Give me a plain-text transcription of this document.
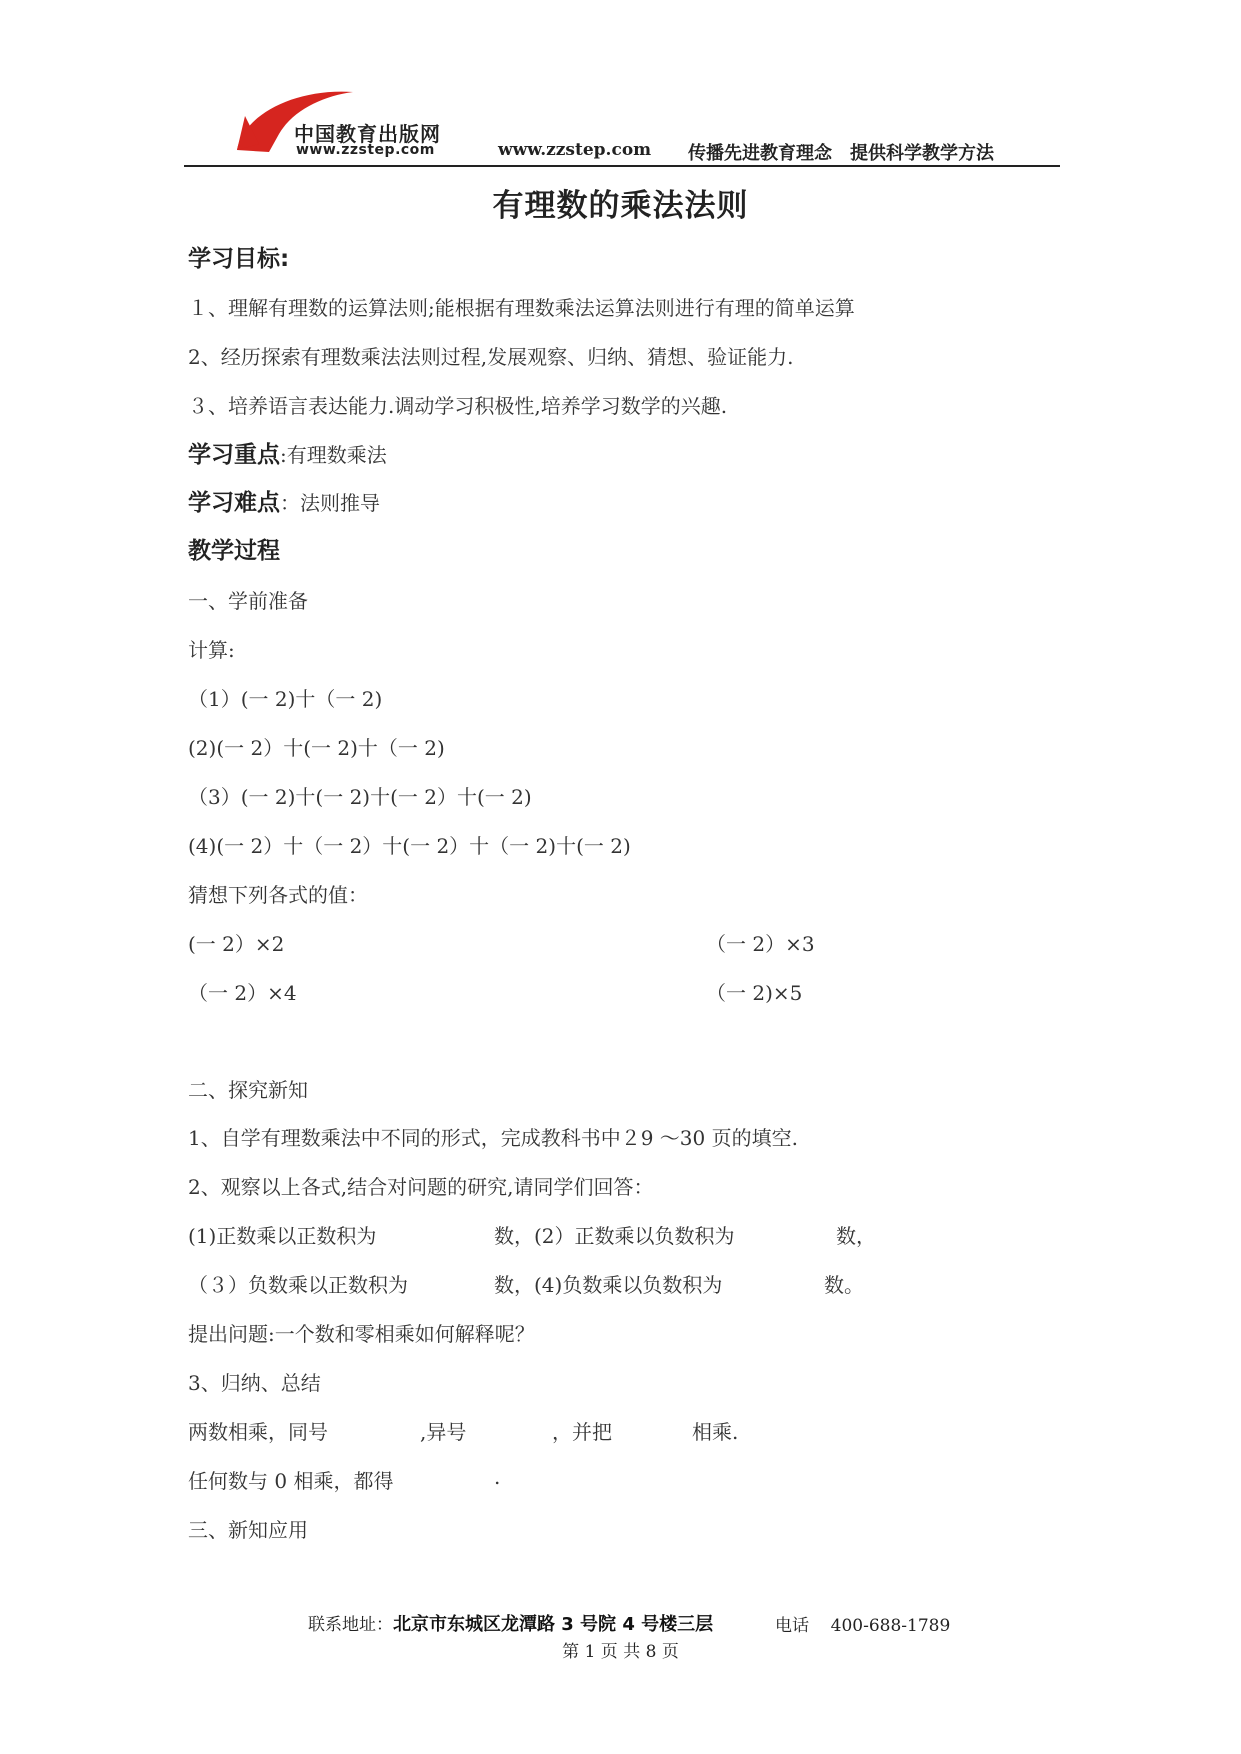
中国教育出版网
www.zzstep.com	www.zzstep.com 传播先进教育理念　提供科学教学方法
有理数的乘法法则
学习目标:
１、理解有理数的运算法则;能根据有理数乘法运算法则进行有理的简单运算
2、经历探索有理数乘法法则过程,发展观察、归纳、猜想、验证能力.
３、培养语言表达能力.调动学习积极性,培养学习数学的兴趣.
学习重点:有理数乘法
学习难点：法则推导
教学过程
一、学前准备
计算:
（1）(一 2)十（一 2)
(2)(一 2）十(一 2)十（一 2)
（3）(一 2)十(一 2)十(一 2）十(一 2)
(4)(一 2）十（一 2）十(一 2）十（一 2)十(一 2)
猜想下列各式的值：
(一 2）×2	（一 2）×3
（一 2）×4	（一 2)×5
二、探究新知
1、自学有理数乘法中不同的形式，完成教科书中２9 ～30 页的填空.
2、观察以上各式,结合对问题的研究,请同学们回答：
(1)正数乘以正数积为	数，(2）正数乘以负数积为	数，
（３）负数乘以正数积为	数，(4)负数乘以负数积为	数。
提出问题:一个数和零相乘如何解释呢？
3、归纳、总结
两数相乘，同号	,异号	，并把	相乘.
任何数与 0 相乘，都得	.
三、新知应用
联系地址：北京市东城区龙潭路 3 号院 4 号楼三层	电话 400-688-1789
第 1 页 共 8 页
